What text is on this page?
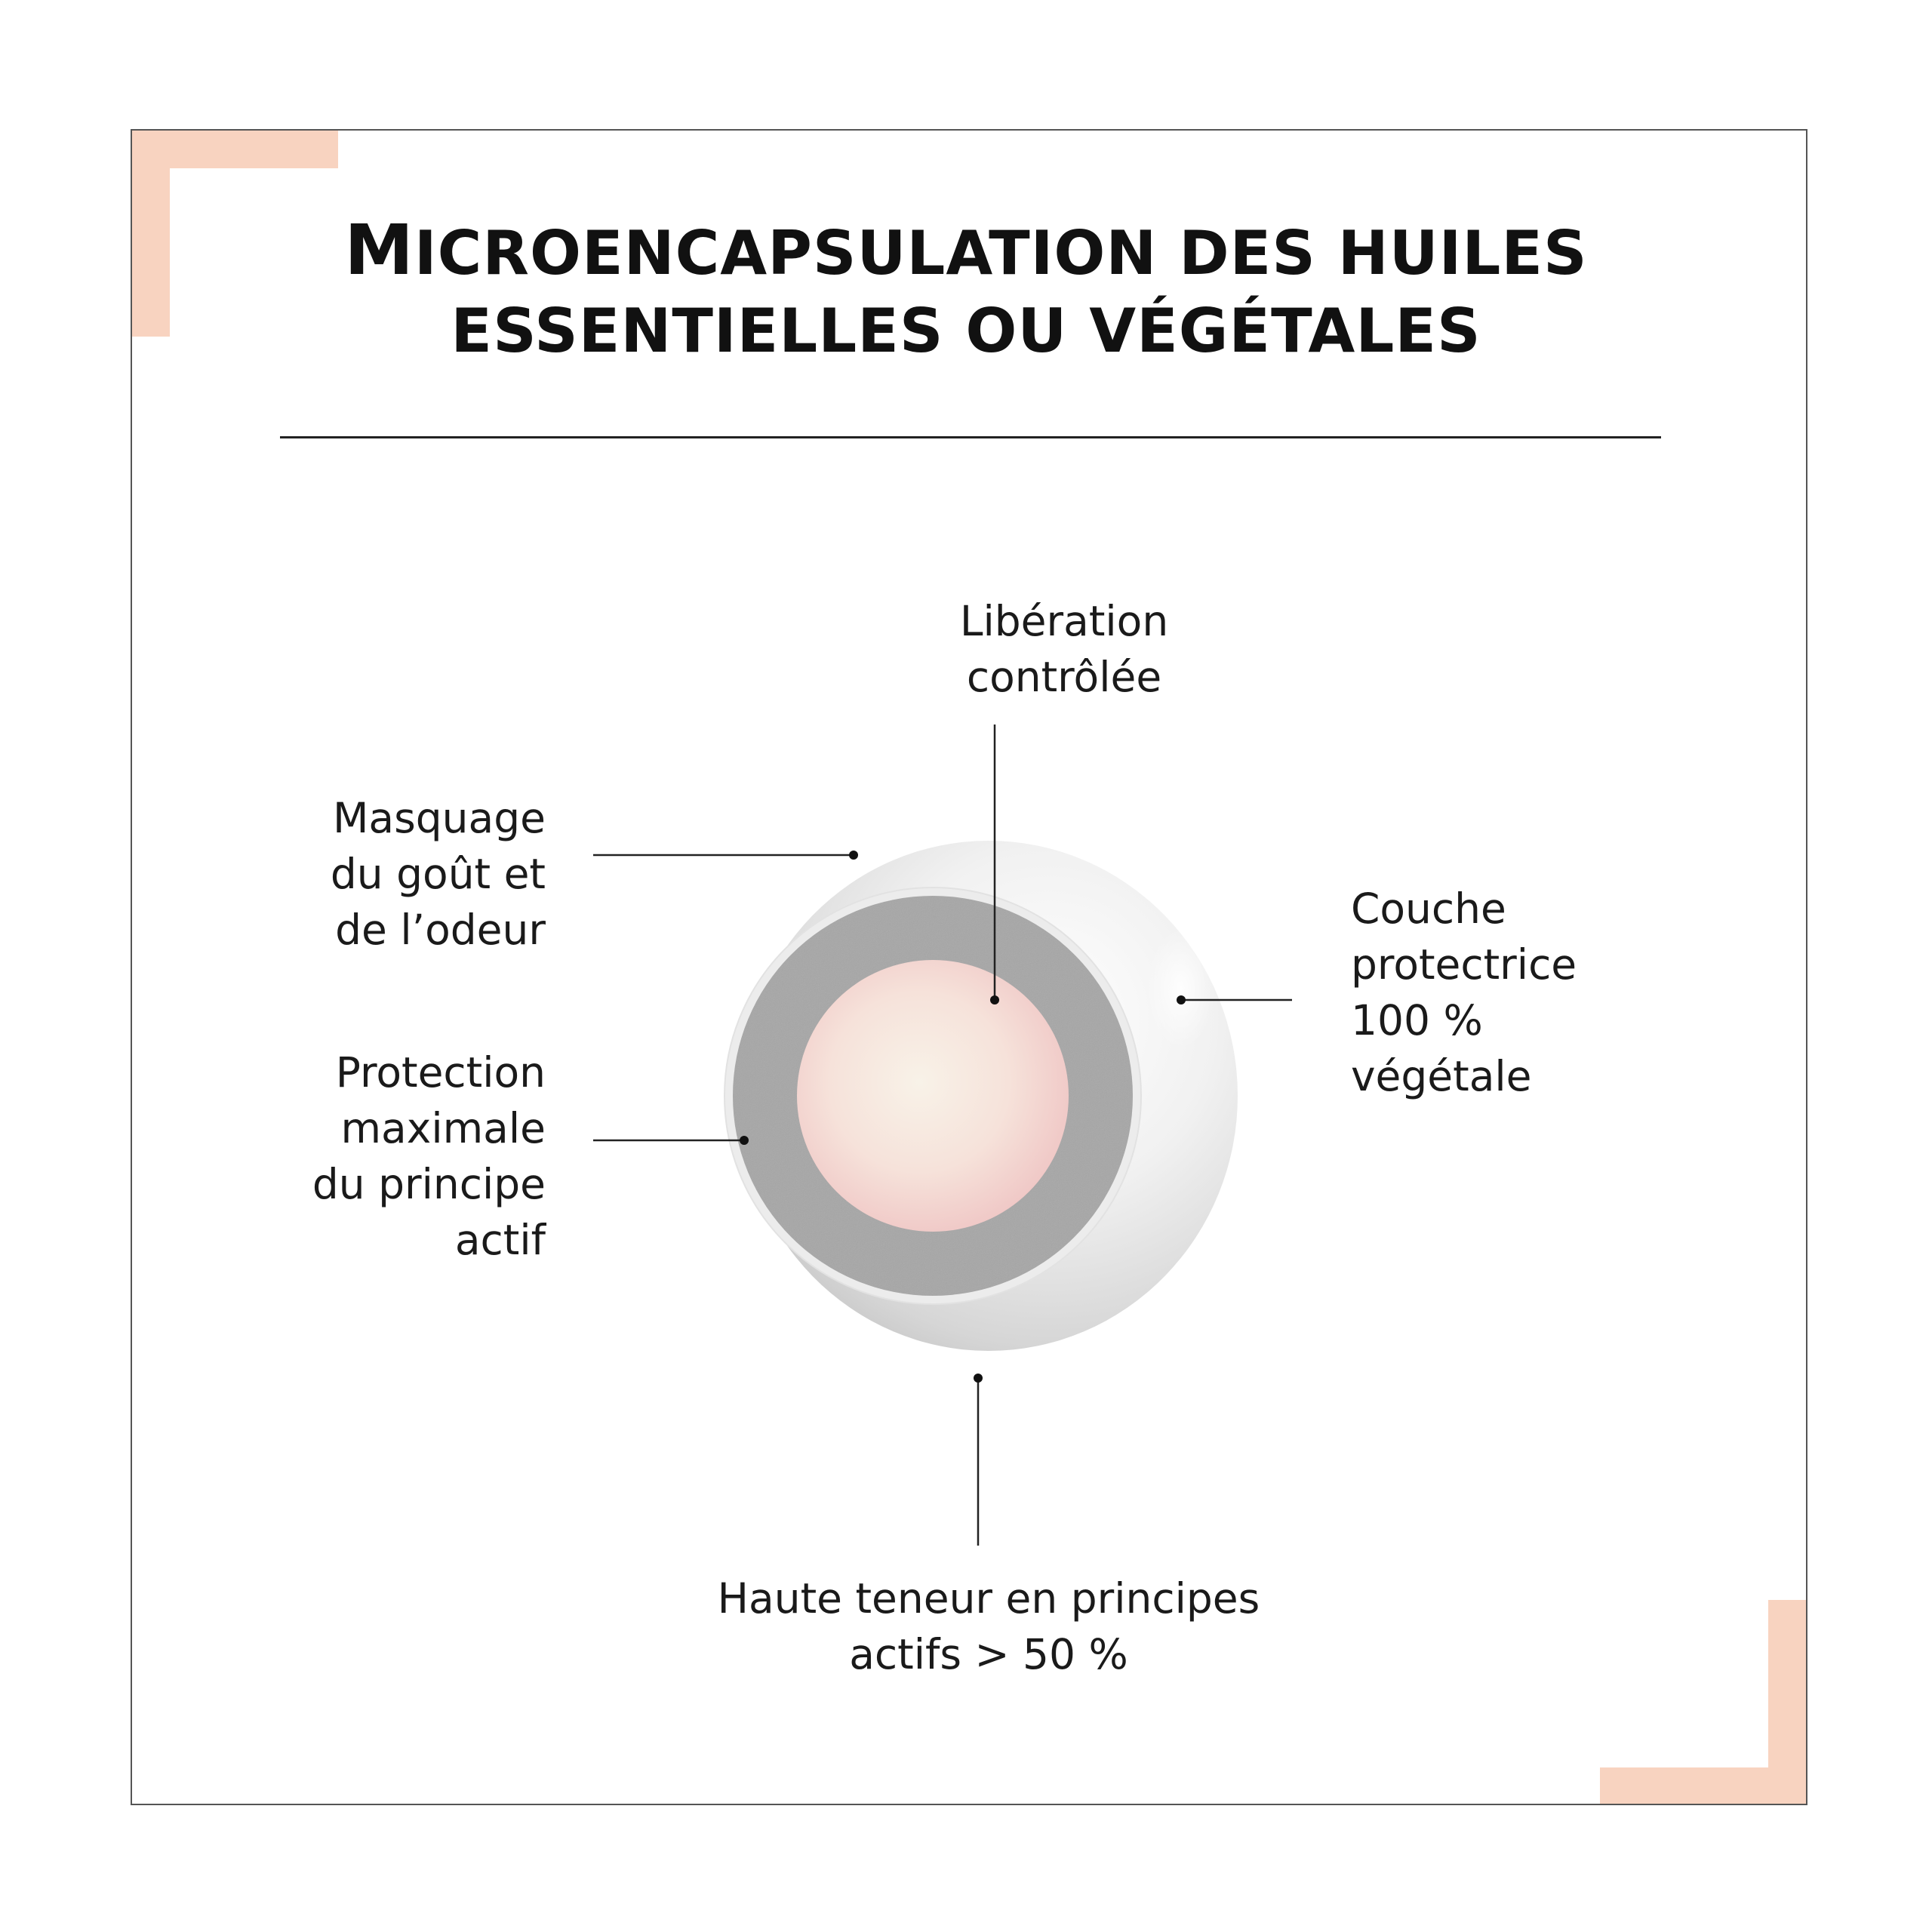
MICROENCAPSULATION DES HUILES
ESSENTIELLES OU VÉGÉTALES

Libération
contrôlée

Masquage
du goût et
de l’odeur

Protection
maximale
du principe
actif

Couche
protectrice
100 %
végétale

Haute teneur en principes
actifs > 50 %
